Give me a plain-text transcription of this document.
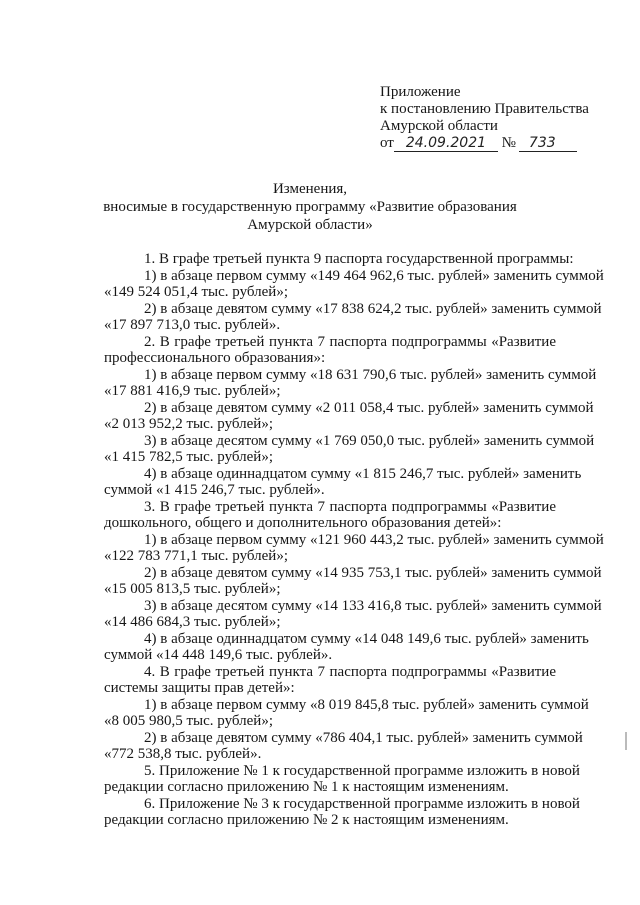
Приложение
к постановлению Правительства
Амурской области
от 24.09.2021 № 733
Изменения,
вносимые в государственную программу «Развитие образования
Амурской области»
1. В графе третьей пункта 9 паспорта государственной программы:
1) в абзаце первом сумму «149 464 962,6 тыс. рублей» заменить суммой
«149 524 051,4 тыс. рублей»;
2) в абзаце девятом сумму «17 838 624,2 тыс. рублей» заменить суммой
«17 897 713,0 тыс. рублей».
2. В графе третьей пункта 7 паспорта подпрограммы «Развитие
профессионального образования»:
1) в абзаце первом сумму «18 631 790,6 тыс. рублей» заменить суммой
«17 881 416,9 тыс. рублей»;
2) в абзаце девятом сумму «2 011 058,4 тыс. рублей» заменить суммой
«2 013 952,2 тыс. рублей»;
3) в абзаце десятом сумму «1 769 050,0 тыс. рублей» заменить суммой
«1 415 782,5 тыс. рублей»;
4) в абзаце одиннадцатом сумму «1 815 246,7 тыс. рублей» заменить
суммой «1 415 246,7 тыс. рублей».
3. В графе третьей пункта 7 паспорта подпрограммы «Развитие
дошкольного, общего и дополнительного образования детей»:
1) в абзаце первом сумму «121 960 443,2 тыс. рублей» заменить суммой
«122 783 771,1 тыс. рублей»;
2) в абзаце девятом сумму «14 935 753,1 тыс. рублей» заменить суммой
«15 005 813,5 тыс. рублей»;
3) в абзаце десятом сумму «14 133 416,8 тыс. рублей» заменить суммой
«14 486 684,3 тыс. рублей»;
4) в абзаце одиннадцатом сумму «14 048 149,6 тыс. рублей» заменить
суммой «14 448 149,6 тыс. рублей».
4. В графе третьей пункта 7 паспорта подпрограммы «Развитие
системы защиты прав детей»:
1) в абзаце первом сумму «8 019 845,8 тыс. рублей» заменить суммой
«8 005 980,5 тыс. рублей»;
2) в абзаце девятом сумму «786 404,1 тыс. рублей» заменить суммой
«772 538,8 тыс. рублей».
5. Приложение № 1 к государственной программе изложить в новой
редакции согласно приложению № 1 к настоящим изменениям.
6. Приложение № 3 к государственной программе изложить в новой
редакции согласно приложению № 2 к настоящим изменениям.
